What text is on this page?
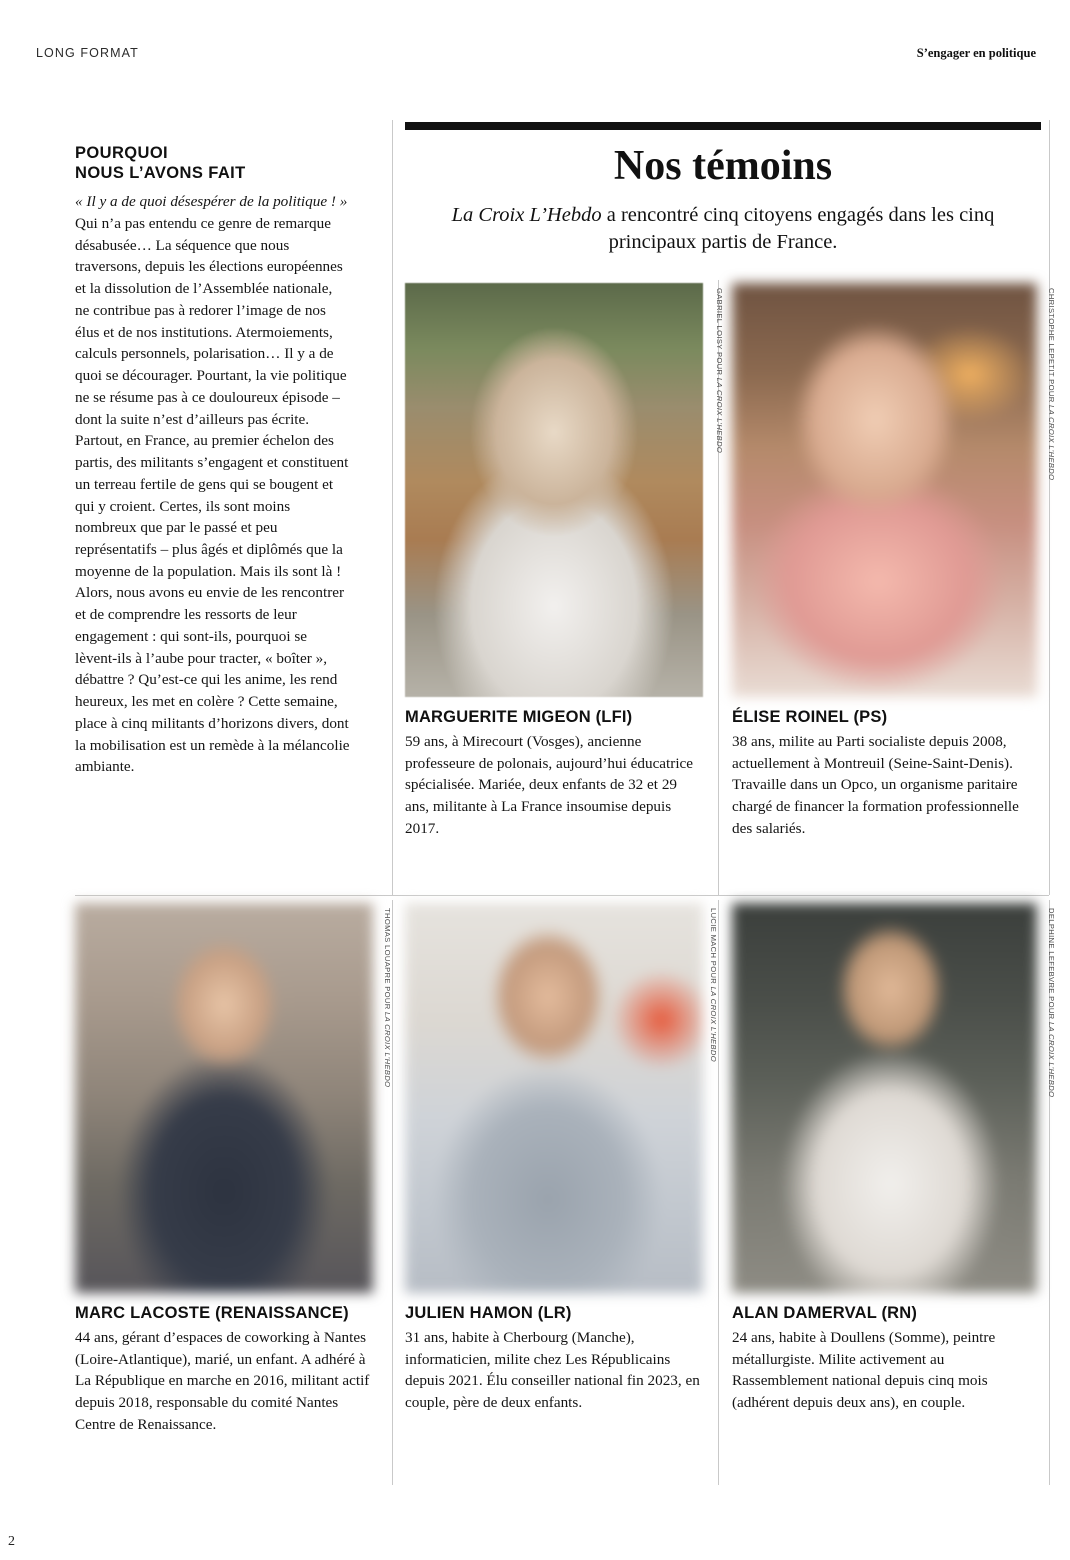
LONG FORMAT	S’engager en politique
POURQUOI
NOUS L’AVONS FAIT
« Il y a de quoi désespérer de la politique ! » Qui n’a pas entendu ce genre de remarque désabusée… La séquence que nous traversons, depuis les élections européennes et la dissolution de l’Assemblée nationale, ne contribue pas à redorer l’image de nos élus et de nos institutions. Atermoiements, calculs personnels, polarisation… Il y a de quoi se décourager. Pourtant, la vie politique ne se résume pas à ce douloureux épisode – dont la suite n’est d’ailleurs pas écrite. Partout, en France, au premier échelon des partis, des militants s’engagent et constituent un terreau fertile de gens qui se bougent et qui y croient. Certes, ils sont moins nombreux que par le passé et peu représentatifs – plus âgés et diplômés que la moyenne de la population. Mais ils sont là ! Alors, nous avons eu envie de les rencontrer et de comprendre les ressorts de leur engagement : qui sont-ils, pourquoi se lèvent-ils à l’aube pour tracter, « boîter », débattre ? Qu’est-ce qui les anime, les rend heureux, les met en colère ? Cette semaine, place à cinq militants d’horizons divers, dont la mobilisation est un remède à la mélancolie ambiante.
Nos témoins

La Croix L’Hebdo a rencontré cinq citoyens engagés dans les cinq principaux partis de France.

MARGUERITE MIGEON (LFI)
59 ans, à Mirecourt (Vosges), ancienne professeure de polonais, aujourd’hui éducatrice spécialisée. Mariée, deux enfants de 32 et 29 ans, militante à La France insoumise depuis 2017.
GABRIEL LOISY POUR LA CROIX L’HEBDO
ÉLISE ROINEL (PS)
38 ans, milite au Parti socialiste depuis 2008, actuellement à Montreuil (Seine-Saint-Denis). Travaille dans un Opco, un organisme paritaire chargé de financer la formation professionnelle des salariés.
CHRISTOPHE LEPETIT POUR LA CROIX L’HEBDO
MARC LACOSTE (RENAISSANCE)
44 ans, gérant d’espaces de coworking à Nantes (Loire-Atlantique), marié, un enfant. A adhéré à La République en marche en 2016, militant actif depuis 2018, responsable du comité Nantes Centre de Renaissance.
THOMAS LOUAPRE POUR LA CROIX L’HEBDO
JULIEN HAMON (LR)
31 ans, habite à Cherbourg (Manche), informaticien, milite chez Les Républicains depuis 2021. Élu conseiller national fin 2023, en couple, père de deux enfants.
LUCIE MACH POUR LA CROIX L’HEBDO
ALAN DAMERVAL (RN)
24 ans, habite à Doullens (Somme), peintre métallurgiste. Milite activement au Rassemblement national depuis cinq mois (adhérent depuis deux ans), en couple.
DELPHINE LEFEBVRE POUR LA CROIX L’HEBDO
2
